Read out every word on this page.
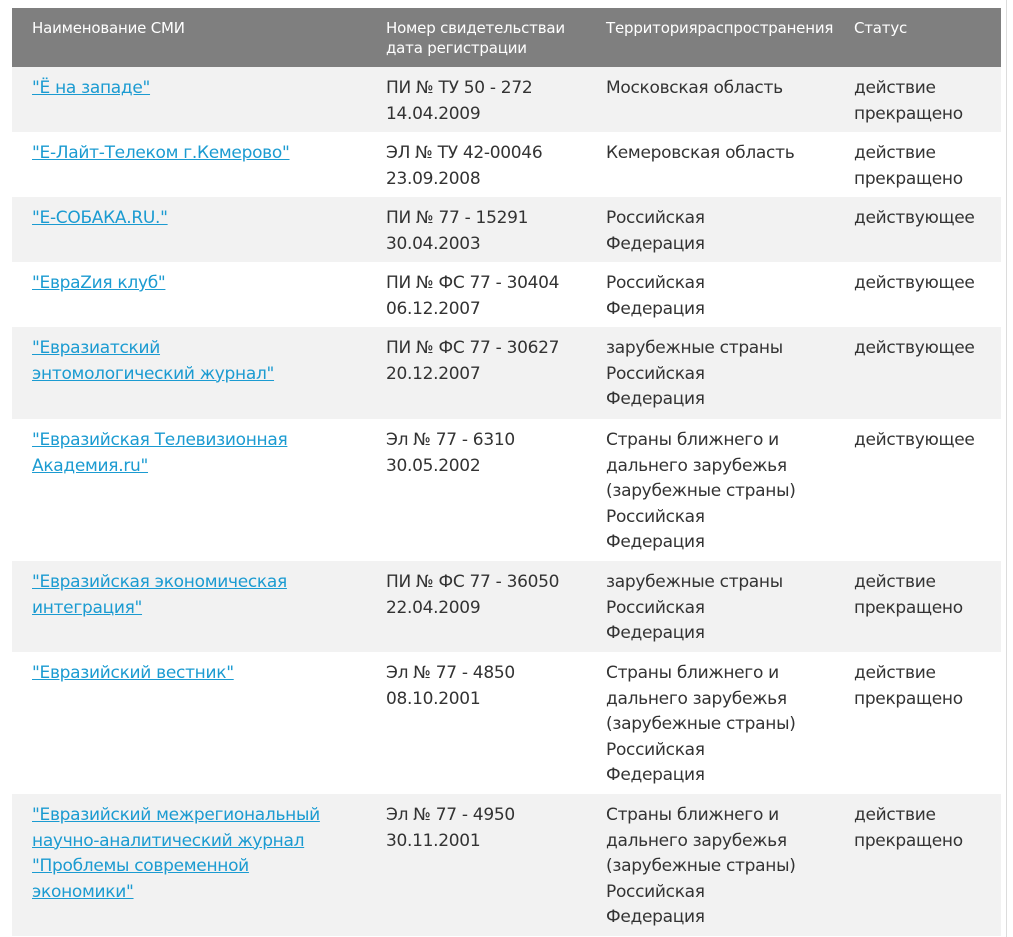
Наименование СМИ	Номер свидетельстваи дата регистрации	Территорияраспространения	Статус

"Ё на западе"	ПИ № ТУ 50 - 272
14.04.2009	Московская область	действие
прекращено

"Е-Лайт-Телеком г.Кемерово"	ЭЛ № ТУ 42-00046
23.09.2008	Кемеровская область	действие
прекращено

"Е-СОБАКА.RU."	ПИ № 77 - 15291
30.04.2003	Российская
Федерация	действующее

"ЕвраZия клуб"	ПИ № ФС 77 - 30404
06.12.2007	Российская
Федерация	действующее

"Евразиатский
энтомологический журнал"	ПИ № ФС 77 - 30627
20.12.2007	зарубежные страны
Российская
Федерация	действующее

"Евразийская Телевизионная
Академия.ru"	Эл № 77 - 6310
30.05.2002	Страны ближнего и
дальнего зарубежья
(зарубежные страны)
Российская
Федерация	действующее

"Евразийская экономическая
интеграция"	ПИ № ФС 77 - 36050
22.04.2009	зарубежные страны
Российская
Федерация	действие
прекращено

"Евразийский вестник"	Эл № 77 - 4850
08.10.2001	Страны ближнего и
дальнего зарубежья
(зарубежные страны)
Российская
Федерация	действие
прекращено

"Евразийский межрегиональный
научно-аналитический журнал
"Проблемы современной
экономики"	Эл № 77 - 4950
30.11.2001	Страны ближнего и
дальнего зарубежья
(зарубежные страны)
Российская
Федерация	действие
прекращено
